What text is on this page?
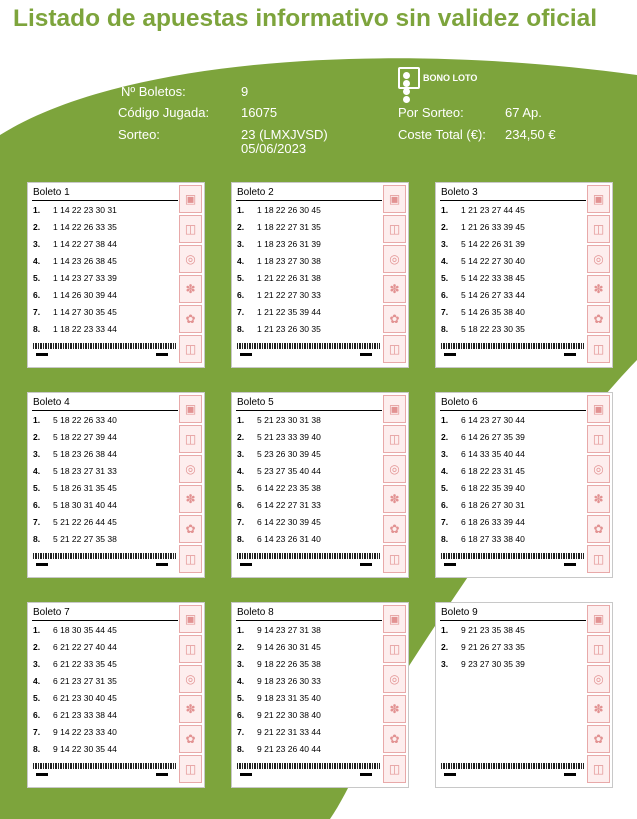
Listado de apuestas informativo sin validez oficial
Nº Boletos:	9
Código Jugada: 16075
Sorteo:	23 (LMXJVSD)
05/06/2023
BONO LOTO
Por Sorteo:	67 Ap.
Coste Total (€): 234,50 €
Boleto 1
1.	1 14 22 23 30 31
2.	1 14 22 26 33 35
3.	1 14 22 27 38 44
4.	1 14 23 26 38 45
5.	1 14 23 27 33 39
6.	1 14 26 30 39 44
7.	1 14 27 30 35 45
8.	1 18 22 23 33 44
▣
◫
◎
✽
✿
◫
Boleto 2
1.	1 18 22 26 30 45
2.	1 18 22 27 31 35
3.	1 18 23 26 31 39
4.	1 18 23 27 30 38
5.	1 21 22 26 31 38
6.	1 21 22 27 30 33
7.	1 21 22 35 39 44
8.	1 21 23 26 30 35
▣
◫
◎
✽
✿
◫
Boleto 3
1.	1 21 23 27 44 45
2.	1 21 26 33 39 45
3.	5 14 22 26 31 39
4.	5 14 22 27 30 40
5.	5 14 22 33 38 45
6.	5 14 26 27 33 44
7.	5 14 26 35 38 40
8.	5 18 22 23 30 35
▣
◫
◎
✽
✿
◫
Boleto 4
1.	5 18 22 26 33 40
2.	5 18 22 27 39 44
3.	5 18 23 26 38 44
4.	5 18 23 27 31 33
5.	5 18 26 31 35 45
6.	5 18 30 31 40 44
7.	5 21 22 26 44 45
8.	5 21 22 27 35 38
▣
◫
◎
✽
✿
◫
Boleto 5
1.	5 21 23 30 31 38
2.	5 21 23 33 39 40
3.	5 23 26 30 39 45
4.	5 23 27 35 40 44
5.	6 14 22 23 35 38
6.	6 14 22 27 31 33
7.	6 14 22 30 39 45
8.	6 14 23 26 31 40
▣
◫
◎
✽
✿
◫
Boleto 6
1.	6 14 23 27 30 44
2.	6 14 26 27 35 39
3.	6 14 33 35 40 44
4.	6 18 22 23 31 45
5.	6 18 22 35 39 40
6.	6 18 26 27 30 31
7.	6 18 26 33 39 44
8.	6 18 27 33 38 40
▣
◫
◎
✽
✿
◫
Boleto 7
1.	6 18 30 35 44 45
2.	6 21 22 27 40 44
3.	6 21 22 33 35 45
4.	6 21 23 27 31 35
5.	6 21 23 30 40 45
6.	6 21 23 33 38 44
7.	9 14 22 23 33 40
8.	9 14 22 30 35 44
▣
◫
◎
✽
✿
◫
Boleto 8
1.	9 14 23 27 31 38
2.	9 14 26 30 31 45
3.	9 18 22 26 35 38
4.	9 18 23 26 30 33
5.	9 18 23 31 35 40
6.	9 21 22 30 38 40
7.	9 21 22 31 33 44
8.	9 21 23 26 40 44
▣
◫
◎
✽
✿
◫
Boleto 9
1.	9 21 23 35 38 45
2.	9 21 26 27 33 35
3.	9 23 27 30 35 39
▣
◫
◎
✽
✿
◫
